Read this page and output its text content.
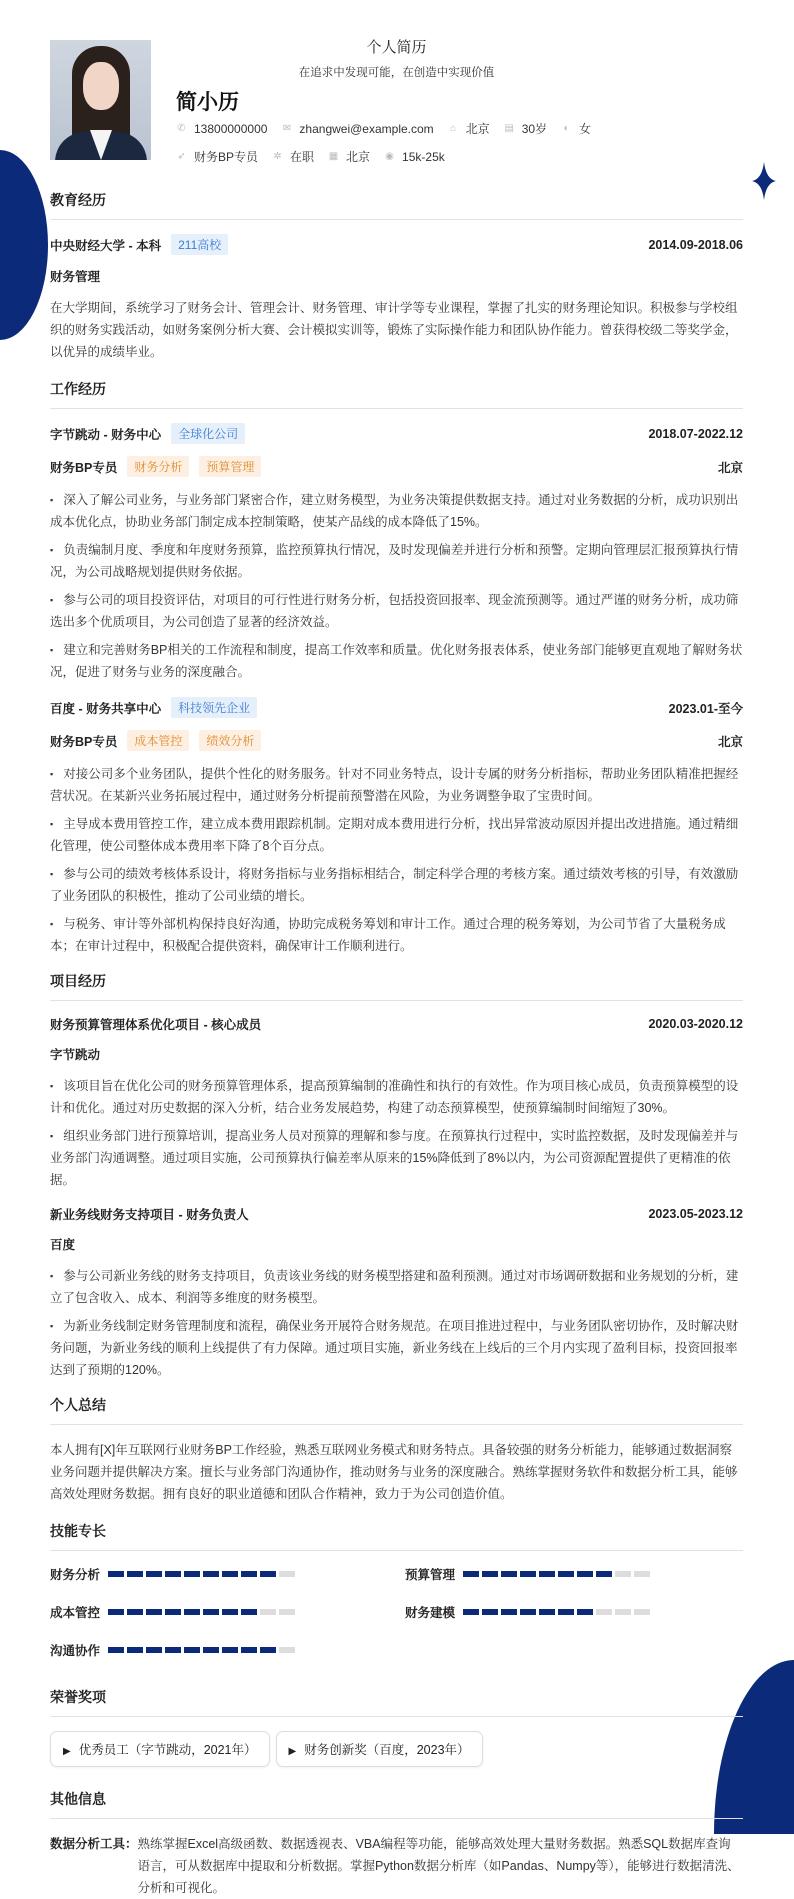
个人简历
在追求中发现可能，在创造中实现价值
简小历
✆ 13800000000 ✉ zhangwei@example.com ⌂ 北京 ▤ 30岁 ◐ 女
➶ 财务BP专员 ✲ 在职 ▦ 北京 ◉ 15k-25k
教育经历
中央财经大学 - 本科	211高校	2014.09-2018.06
财务管理

在大学期间，系统学习了财务会计、管理会计、财务管理、审计学等专业课程，掌握了扎实的财务理论知识。积极参与学校组织的财务实践活动，如财务案例分析大赛、会计模拟实训等，锻炼了实际操作能力和团队协作能力。曾获得校级二等奖学金，以优异的成绩毕业。

工作经历
字节跳动 - 财务中心	全球化公司	2018.07-2022.12
财务BP专员	财务分析	预算管理	北京
▪ 深入了解公司业务，与业务部门紧密合作，建立财务模型，为业务决策提供数据支持。通过对业务数据的分析，成功识别出成本优化点，协助业务部门制定成本控制策略，使某产品线的成本降低了15%。
▪ 负责编制月度、季度和年度财务预算，监控预算执行情况，及时发现偏差并进行分析和预警。定期向管理层汇报预算执行情况，为公司战略规划提供财务依据。
▪ 参与公司的项目投资评估，对项目的可行性进行财务分析，包括投资回报率、现金流预测等。通过严谨的财务分析，成功筛选出多个优质项目，为公司创造了显著的经济效益。
▪ 建立和完善财务BP相关的工作流程和制度，提高工作效率和质量。优化财务报表体系，使业务部门能够更直观地了解财务状况，促进了财务与业务的深度融合。
百度 - 财务共享中心	科技领先企业	2023.01-至今
财务BP专员	成本管控	绩效分析	北京
▪ 对接公司多个业务团队，提供个性化的财务服务。针对不同业务特点，设计专属的财务分析指标，帮助业务团队精准把握经营状况。在某新兴业务拓展过程中，通过财务分析提前预警潜在风险，为业务调整争取了宝贵时间。
▪ 主导成本费用管控工作，建立成本费用跟踪机制。定期对成本费用进行分析，找出异常波动原因并提出改进措施。通过精细化管理，使公司整体成本费用率下降了8个百分点。
▪ 参与公司的绩效考核体系设计，将财务指标与业务指标相结合，制定科学合理的考核方案。通过绩效考核的引导，有效激励了业务团队的积极性，推动了公司业绩的增长。
▪ 与税务、审计等外部机构保持良好沟通，协助完成税务筹划和审计工作。通过合理的税务筹划，为公司节省了大量税务成本；在审计过程中，积极配合提供资料，确保审计工作顺利进行。
项目经历
财务预算管理体系优化项目 - 核心成员	2020.03-2020.12
字节跳动
▪ 该项目旨在优化公司的财务预算管理体系，提高预算编制的准确性和执行的有效性。作为项目核心成员，负责预算模型的设计和优化。通过对历史数据的深入分析，结合业务发展趋势，构建了动态预算模型，使预算编制时间缩短了30%。
▪ 组织业务部门进行预算培训，提高业务人员对预算的理解和参与度。在预算执行过程中，实时监控数据，及时发现偏差并与业务部门沟通调整。通过项目实施，公司预算执行偏差率从原来的15%降低到了8%以内，为公司资源配置提供了更精准的依据。
新业务线财务支持项目 - 财务负责人	2023.05-2023.12
百度
▪ 参与公司新业务线的财务支持项目，负责该业务线的财务模型搭建和盈利预测。通过对市场调研数据和业务规划的分析，建立了包含收入、成本、利润等多维度的财务模型。
▪ 为新业务线制定财务管理制度和流程，确保业务开展符合财务规范。在项目推进过程中，与业务团队密切协作，及时解决财务问题，为新业务线的顺利上线提供了有力保障。通过项目实施，新业务线在上线后的三个月内实现了盈利目标，投资回报率达到了预期的120%。
个人总结

本人拥有[X]年互联网行业财务BP工作经验，熟悉互联网业务模式和财务特点。具备较强的财务分析能力，能够通过数据洞察业务问题并提供解决方案。擅长与业务部门沟通协作，推动财务与业务的深度融合。熟练掌握财务软件和数据分析工具，能够高效处理财务数据。拥有良好的职业道德和团队合作精神，致力于为公司创造价值。

技能专长
财务分析	预算管理
成本管控	财务建模
沟通协作
荣誉奖项
▶ 优秀员工（字节跳动，2021年）	▶ 财务创新奖（百度，2023年）
其他信息
数据分析工具： 熟练掌握Excel高级函数、数据透视表、VBA编程等功能，能够高效处理大量财务数据。熟悉SQL数据库查询语言，可从数据库中提取和分析数据。掌握Python数据分析库（如Pandas、Numpy等），能够进行数据清洗、分析和可视化。
